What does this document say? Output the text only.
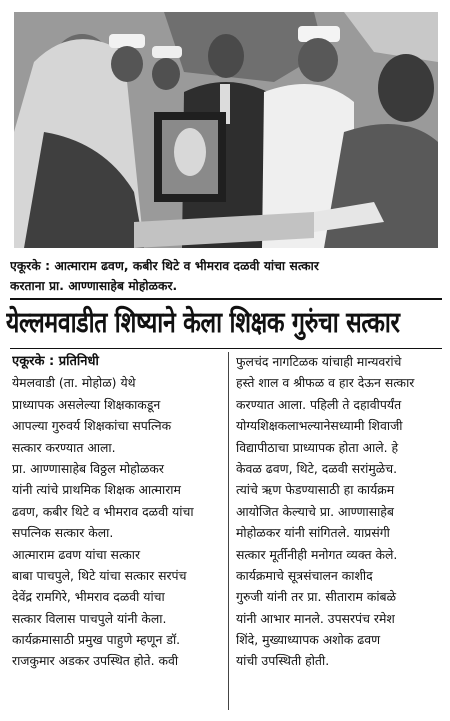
एकूरके : आत्माराम ढवण, कबीर थिटे व भीमराव दळवी यांचा सत्कार
करताना प्रा. आण्णासाहेब मोहोळकर.
येल्लमवाडीत शिष्याने केला शिक्षक गुरुंचा सत्कार
एकूरके : प्रतिनिधी
येमलवाडी (ता. मोहोळ) येथे
प्राध्यापक असलेल्या शिक्षकाकडून
आपल्या गुरुवर्य शिक्षकांचा सपत्निक
सत्कार करण्यात आला.
प्रा. आण्णासाहेब विठ्ठल मोहोळकर
यांनी त्यांचे प्राथमिक शिक्षक आत्माराम
ढवण, कबीर थिटे व भीमराव दळवी यांचा
सपत्निक सत्कार केला.
आत्माराम ढवण यांचा सत्कार
बाबा पाचपुले, थिटे यांचा सत्कार सरपंच
देवेंद्र रामगिरे, भीमराव दळवी यांचा
सत्कार विलास पाचपुले यांनी केला.
कार्यक्रमासाठी प्रमुख पाहुणे म्हणून डॉ.
राजकुमार अडकर उपस्थित होते. कवी
फुलचंद नागटिळक यांचाही मान्यवरांचे
हस्ते शाल व श्रीफळ व हार देऊन सत्कार
करण्यात आला. पहिली ते दहावीपर्यंत
योग्यशिक्षकलाभल्यानेसध्यामी शिवाजी
विद्यापीठाचा प्राध्यापक होता आले. हे
केवळ ढवण, थिटे, दळवी सरांमुळेच.
त्यांचे ऋण फेडण्यासाठी हा कार्यक्रम
आयोजित केल्याचे प्रा. आण्णासाहेब
मोहोळकर यांनी सांगितले. याप्रसंगी
सत्कार मूर्तीनीही मनोगत व्यक्त केले.
कार्यक्रमाचे सूत्रसंचालन काशीद
गुरुजी यांनी तर प्रा. सीताराम कांबळे
यांनी आभार मानले. उपसरपंच रमेश
शिंदे, मुख्याध्यापक अशोक ढवण
यांची उपस्थिती होती.
